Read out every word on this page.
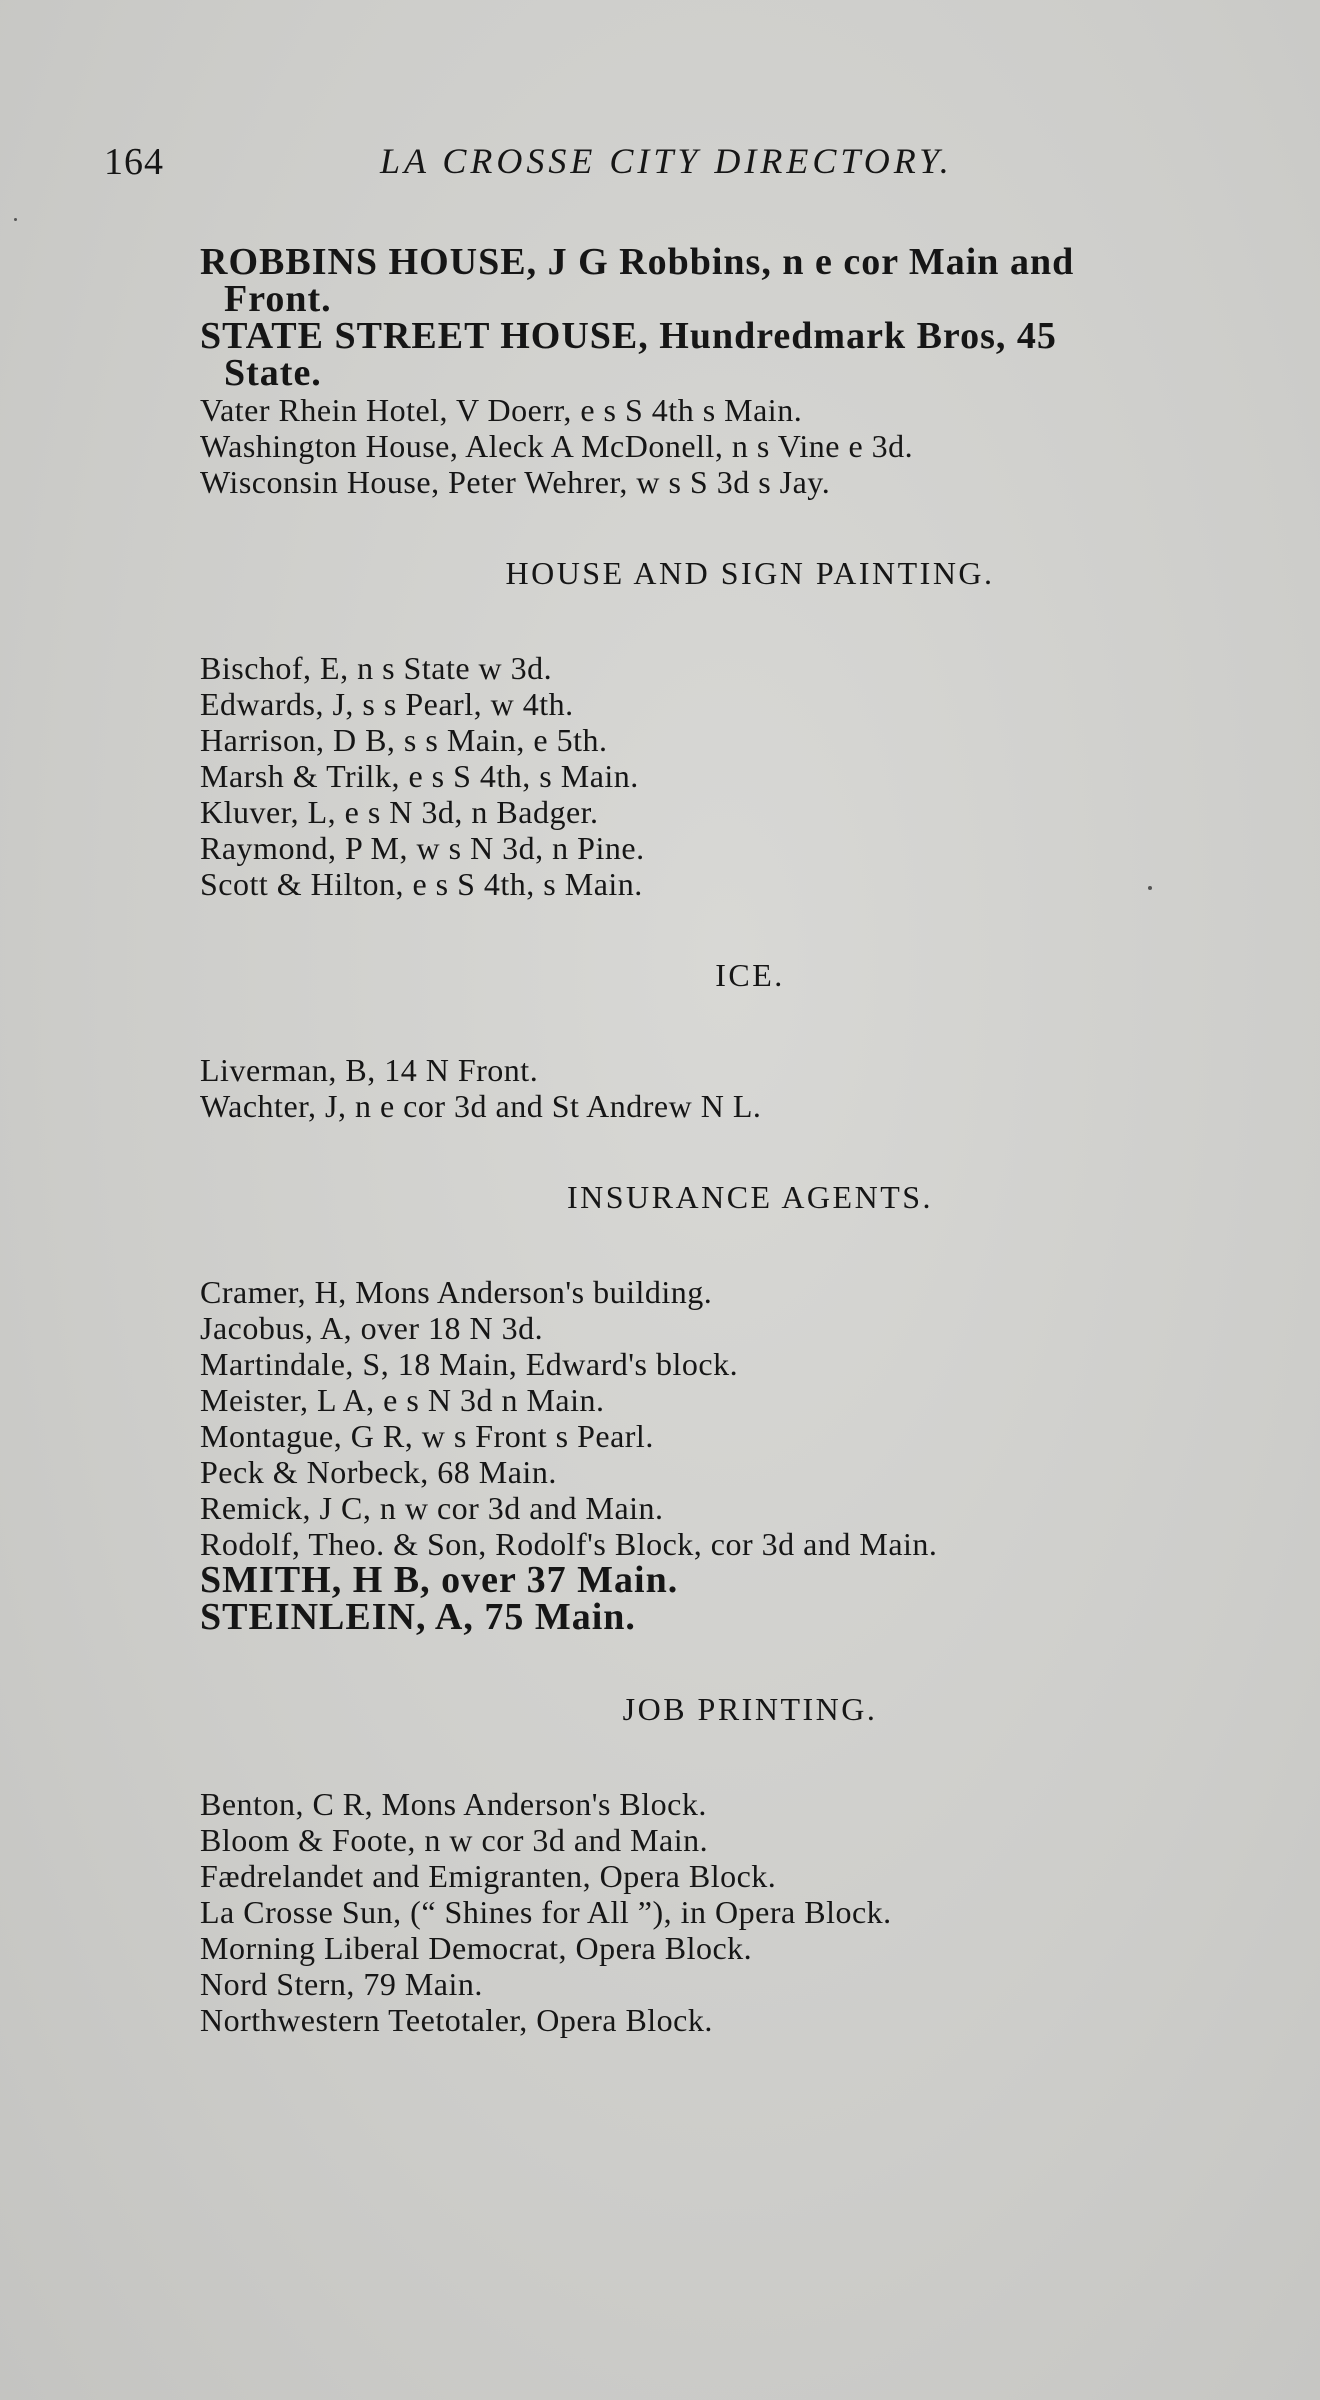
164	LA CROSSE CITY DIRECTORY.
ROBBINS HOUSE, J G Robbins, n e cor Main and
Front.
STATE STREET HOUSE, Hundredmark Bros, 45
State.
Vater Rhein Hotel, V Doerr, e s S 4th s Main.
Washington House, Aleck A McDonell, n s Vine e 3d.
Wisconsin House, Peter Wehrer, w s S 3d s Jay.
HOUSE AND SIGN PAINTING.
Bischof, E, n s State w 3d.
Edwards, J, s s Pearl, w 4th.
Harrison, D B, s s Main, e 5th.
Marsh & Trilk, e s S 4th, s Main.
Kluver, L, e s N 3d, n Badger.
Raymond, P M, w s N 3d, n Pine.
Scott & Hilton, e s S 4th, s Main.
ICE.
Liverman, B, 14 N Front.
Wachter, J, n e cor 3d and St Andrew N L.
INSURANCE AGENTS.
Cramer, H, Mons Anderson's building.
Jacobus, A, over 18 N 3d.
Martindale, S, 18 Main, Edward's block.
Meister, L A, e s N 3d n Main.
Montague, G R, w s Front s Pearl.
Peck & Norbeck, 68 Main.
Remick, J C, n w cor 3d and Main.
Rodolf, Theo. & Son, Rodolf's Block, cor 3d and Main.
SMITH, H B, over 37 Main.
STEINLEIN, A, 75 Main.
JOB PRINTING.
Benton, C R, Mons Anderson's Block.
Bloom & Foote, n w cor 3d and Main.
Fædrelandet and Emigranten, Opera Block.
La Crosse Sun, (“ Shines for All ”), in Opera Block.
Morning Liberal Democrat, Opera Block.
Nord Stern, 79 Main.
Northwestern Teetotaler, Opera Block.
